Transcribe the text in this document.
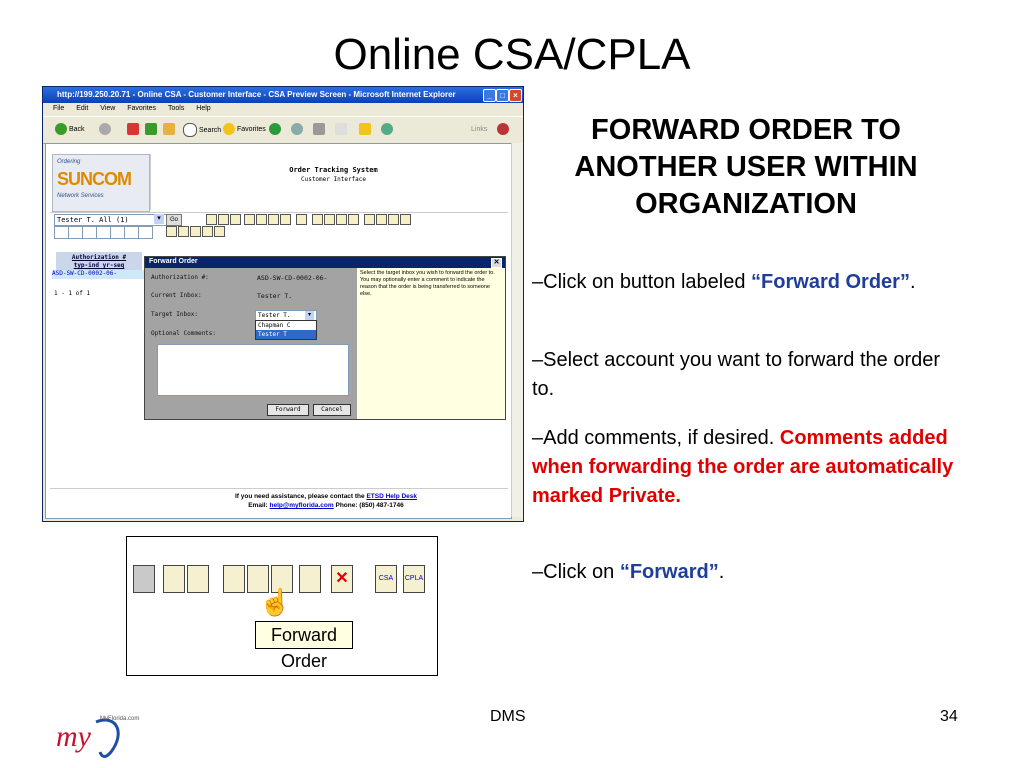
Online CSA/CPLA
http://199.250.20.71 - Online CSA - Customer Interface - CSA Preview Screen - Microsoft Internet Explorer	_	□	×
File Edit View Favorites Tools Help
Back	Search	Favorites	Links
Ordering
SUNCOM
Network Services
Order Tracking System
Customer Interface
Tester T. All (1)	▾	Go
Authorization #
typ-ind yr-seq
ASD-SW-CD-0002-06-
1 - 1 of 1
Forward Order	✕
Authorization #:	ASD-SW-CD-0002-06-
Current Inbox:	Tester T.
Target Inbox:	Tester T.	▾
Chapman C
Tester T
Optional Comments:
Forward	Cancel
Select the target inbox you wish to forward the order to. You may optionally enter a comment to indicate the reason that the order is being transferred to someone else.
If you need assistance, please contact the ETSD Help Desk
Email: help@myflorida.com Phone: (850) 487-1746
FORWARD ORDER TO ANOTHER USER WITHIN ORGANIZATION
–Click on button labeled “Forward Order”.
–Select account you want to forward the order to.
–Add comments, if desired. Comments added when forwarding the order are automatically marked Private.
–Click on “Forward”.
✕	CSA	CPLA
☝
Forward Order
my
MyFlorida.com	DMS	34
